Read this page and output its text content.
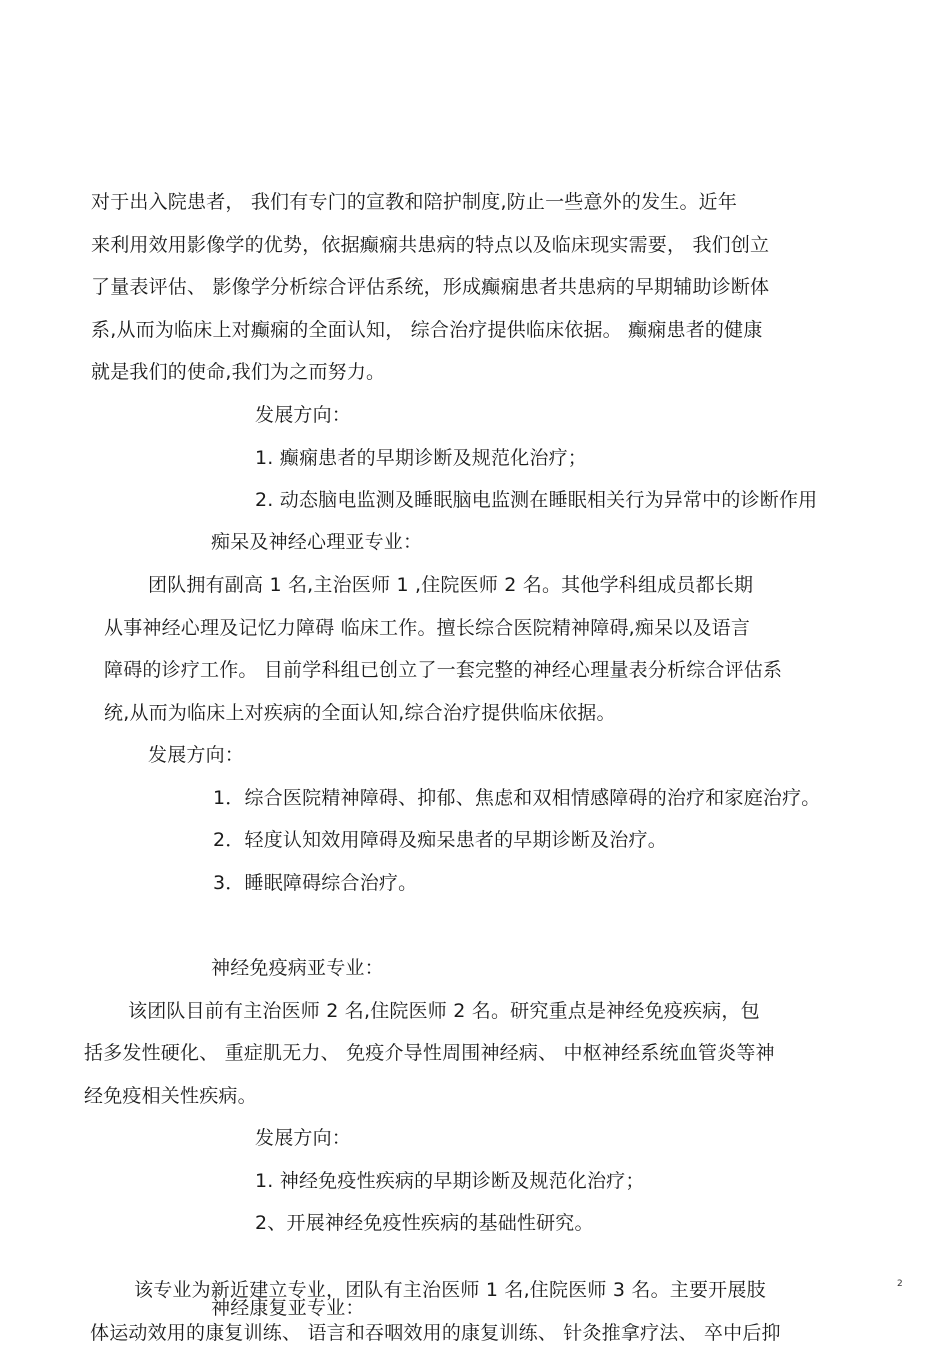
对于出入院患者， 我们有专门的宣教和陪护制度,防止一些意外的发生。近年
来利用效用影像学的优势，依据癫痫共患病的特点以及临床现实需要， 我们创立
了量表评估、 影像学分析综合评估系统，形成癫痫患者共患病的早期辅助诊断体
系,从而为临床上对癫痫的全面认知， 综合治疗提供临床依据。 癫痫患者的健康
就是我们的使命,我们为之而努力。
发展方向：
1. 癫痫患者的早期诊断及规范化治疗；
2. 动态脑电监测及睡眠脑电监测在睡眠相关行为异常中的诊断作用
痴呆及神经心理亚专业：
团队拥有副高 1 名,主治医师 1 ,住院医师 2 名。其他学科组成员都长期
从事神经心理及记忆力障碍 临床工作。擅长综合医院精神障碍,痴呆以及语言
障碍的诊疗工作。 目前学科组已创立了一套完整的神经心理量表分析综合评估系
统,从而为临床上对疾病的全面认知,综合治疗提供临床依据。
发展方向：
1．综合医院精神障碍、抑郁、焦虑和双相情感障碍的治疗和家庭治疗。
2．轻度认知效用障碍及痴呆患者的早期诊断及治疗。
3．睡眠障碍综合治疗。
神经免疫病亚专业：
该团队目前有主治医师 2 名,住院医师 2 名。研究重点是神经免疫疾病，包
括多发性硬化、 重症肌无力、 免疫介导性周围神经病、 中枢神经系统血管炎等神
经免疫相关性疾病。
发展方向：
1. 神经免疫性疾病的早期诊断及规范化治疗；
2、开展神经免疫性疾病的基础性研究。
该专业为新近建立专业，团队有主治医师 1 名,住院医师 3 名。主要开展肢
神经康复亚专业：
体运动效用的康复训练、 语言和吞咽效用的康复训练、 针灸推拿疗法、 卒中后抑
2
